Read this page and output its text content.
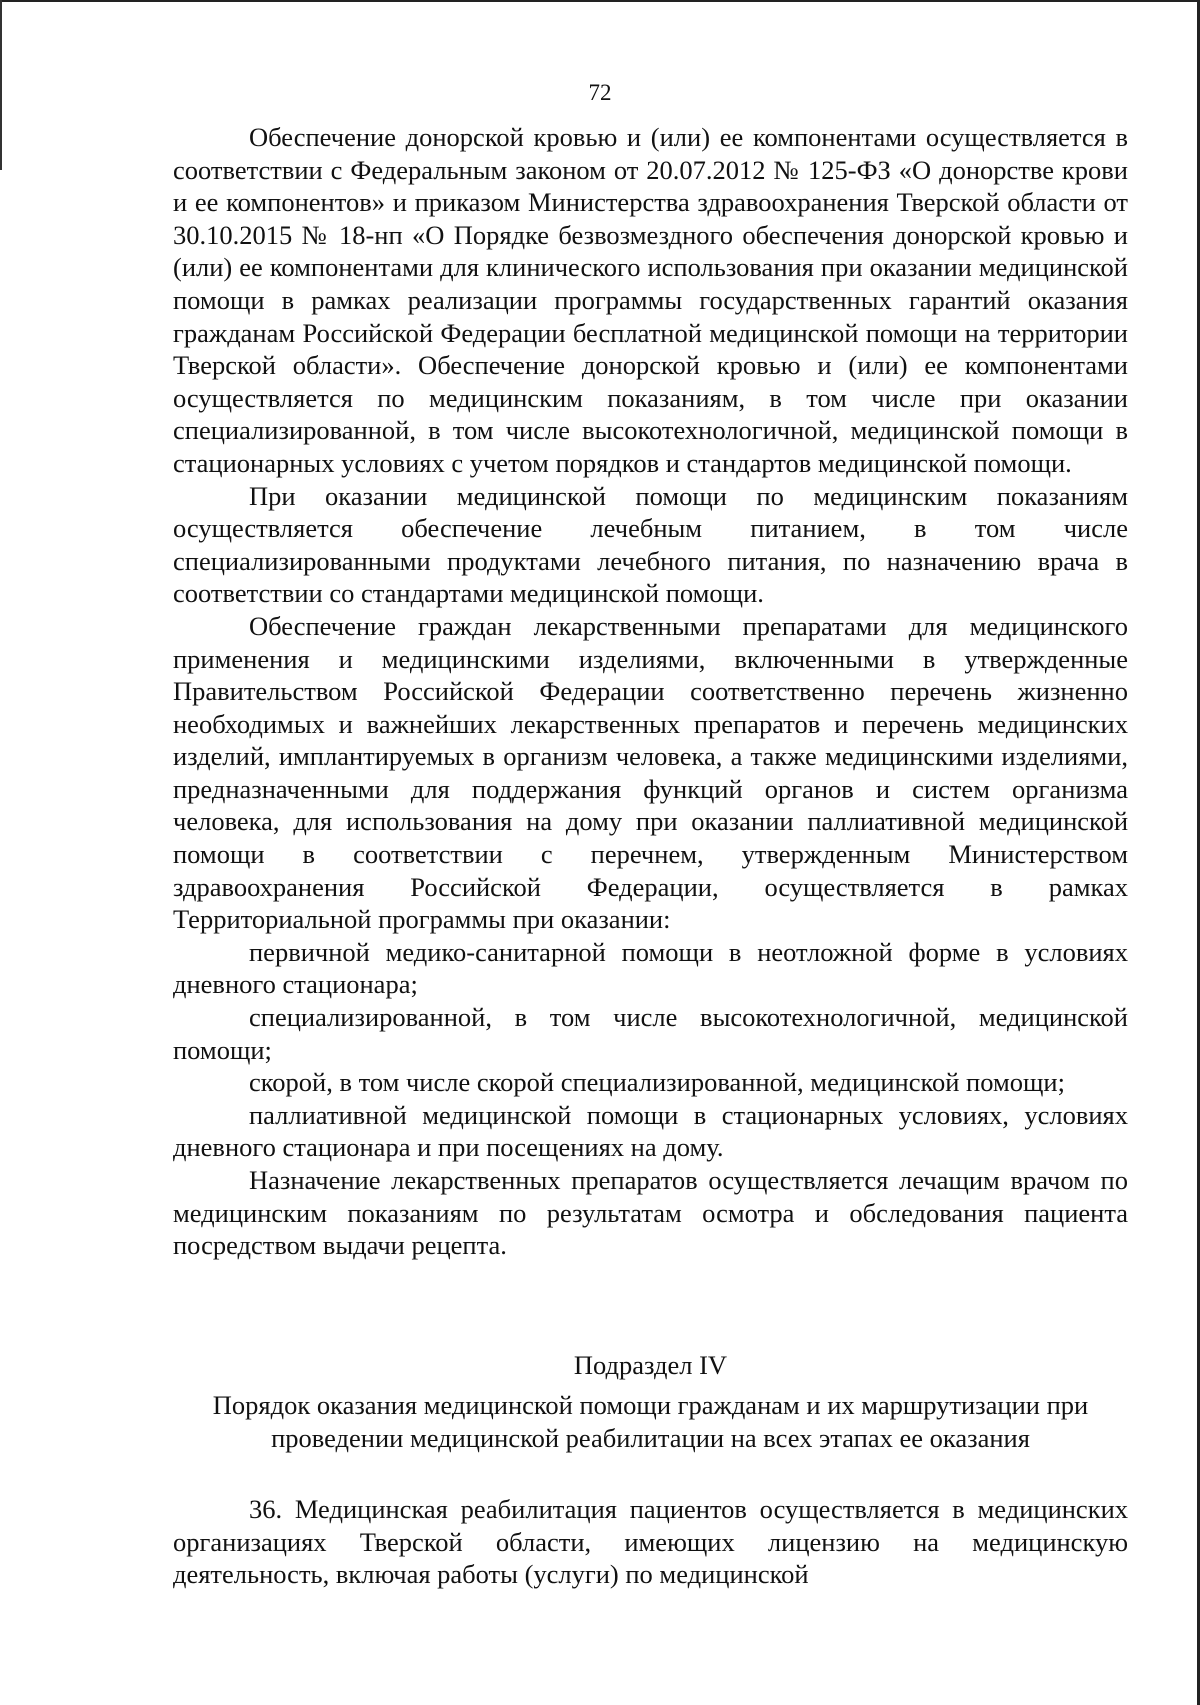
72

Обеспечение донорской кровью и (или) ее компонентами осуществляется в соответствии с Федеральным законом от 20.07.2012 № 125-ФЗ «О донорстве крови и ее компонентов» и приказом Министерства здравоохранения Тверской области от 30.10.2015 № 18-нп «О Порядке безвозмездного обеспечения донорской кровью и (или) ее компонентами для клинического использования при оказании медицинской помощи в рамках реализации программы государственных гарантий оказания гражданам Российской Федерации бесплатной медицинской помощи на территории Тверской области». Обеспечение донорской кровью и (или) ее компонентами осуществляется по медицинским показаниям, в том числе при оказании специализированной, в том числе высокотехнологичной, медицинской помощи в стационарных условиях с учетом порядков и стандартов медицинской помощи.

При оказании медицинской помощи по медицинским показаниям осуществляется обеспечение лечебным питанием, в том числе специализированными продуктами лечебного питания, по назначению врача в соответствии со стандартами медицинской помощи.

Обеспечение граждан лекарственными препаратами для медицинского применения и медицинскими изделиями, включенными в утвержденные Правительством Российской Федерации соответственно перечень жизненно необходимых и важнейших лекарственных препаратов и перечень медицинских изделий, имплантируемых в организм человека, а также медицинскими изделиями, предназначенными для поддержания функций органов и систем организма человека, для использования на дому при оказании паллиативной медицинской помощи в соответствии с перечнем, утвержденным Министерством здравоохранения Российской Федерации, осуществляется в рамках Территориальной программы при оказании:

первичной медико-санитарной помощи в неотложной форме в условиях дневного стационара;

специализированной, в том числе высокотехнологичной, медицинской помощи;

скорой, в том числе скорой специализированной, медицинской помощи;

паллиативной медицинской помощи в стационарных условиях, условиях дневного стационара и при посещениях на дому.

Назначение лекарственных препаратов осуществляется лечащим врачом по медицинским показаниям по результатам осмотра и обследования пациента посредством выдачи рецепта.

Подраздел IV
Порядок оказания медицинской помощи гражданам и их маршрутизации при
проведении медицинской реабилитации на всех этапах ее оказания

36. Медицинская реабилитация пациентов осуществляется в медицинских организациях Тверской области, имеющих лицензию на медицинскую деятельность, включая работы (услуги) по медицинской
